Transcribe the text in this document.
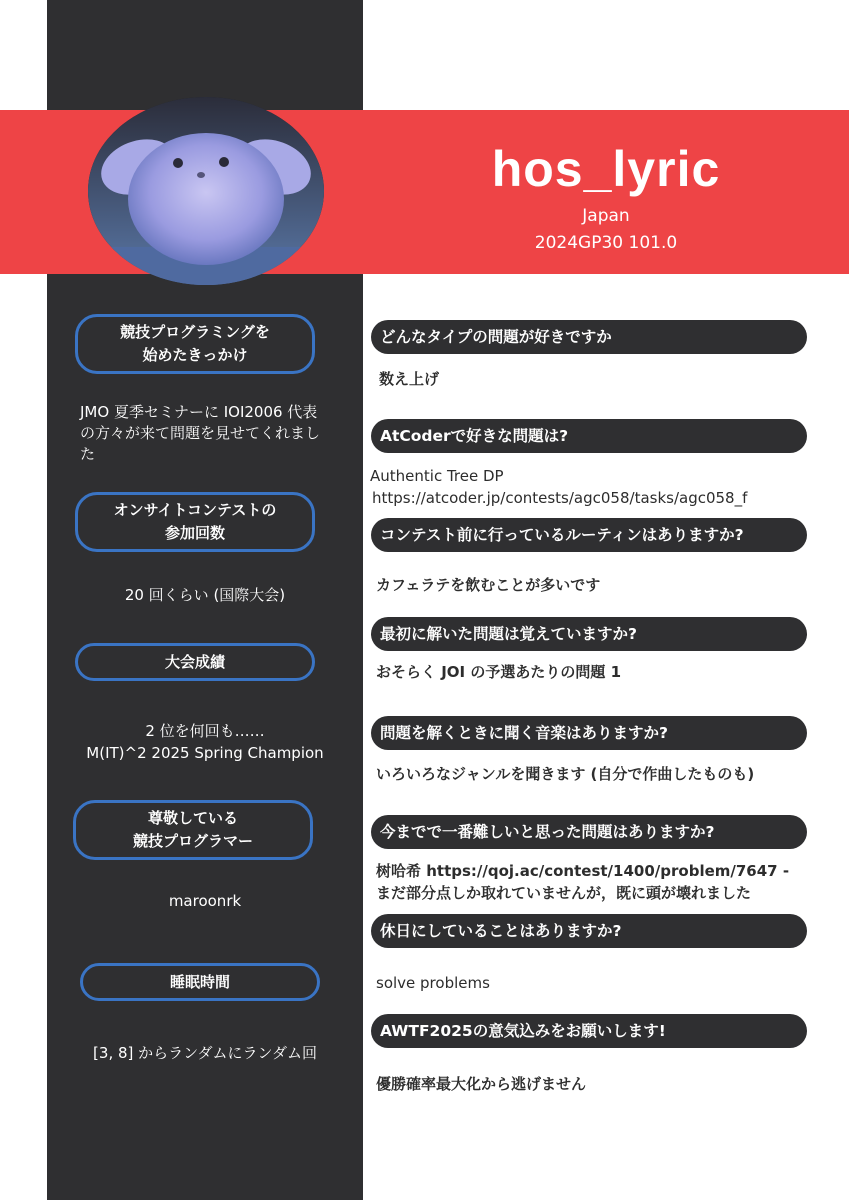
hos_lyric
Japan
2024GP30 101.0
競技プログラミングを
始めたきっかけ
JMO 夏季セミナーに IOI2006 代表の方々が来て問題を見せてくれました
オンサイトコンテストの
参加回数
20 回くらい (国際大会)
大会成績
2 位を何回も……
M(IT)^2 2025 Spring Champion
尊敬している
競技プログラマー
maroonrk
睡眠時間
[3, 8] からランダムにランダム回
どんなタイプの問題が好きですか
数え上げ
AtCoderで好きな問題は?
Authentic Tree DP
https://atcoder.jp/contests/agc058/tasks/agc058_f
コンテスト前に行っているルーティンはありますか?
カフェラテを飲むことが多いです
最初に解いた問題は覚えていますか?
おそらく JOI の予選あたりの問題 1
問題を解くときに聞く音楽はありますか?
いろいろなジャンルを聞きます (自分で作曲したものも)
今までで一番難しいと思った問題はありますか?
树哈希 https://qoj.ac/contest/1400/problem/7647 -
まだ部分点しか取れていませんが，既に頭が壊れました
休日にしていることはありますか?
solve problems
AWTF2025の意気込みをお願いします!
優勝確率最大化から逃げません
